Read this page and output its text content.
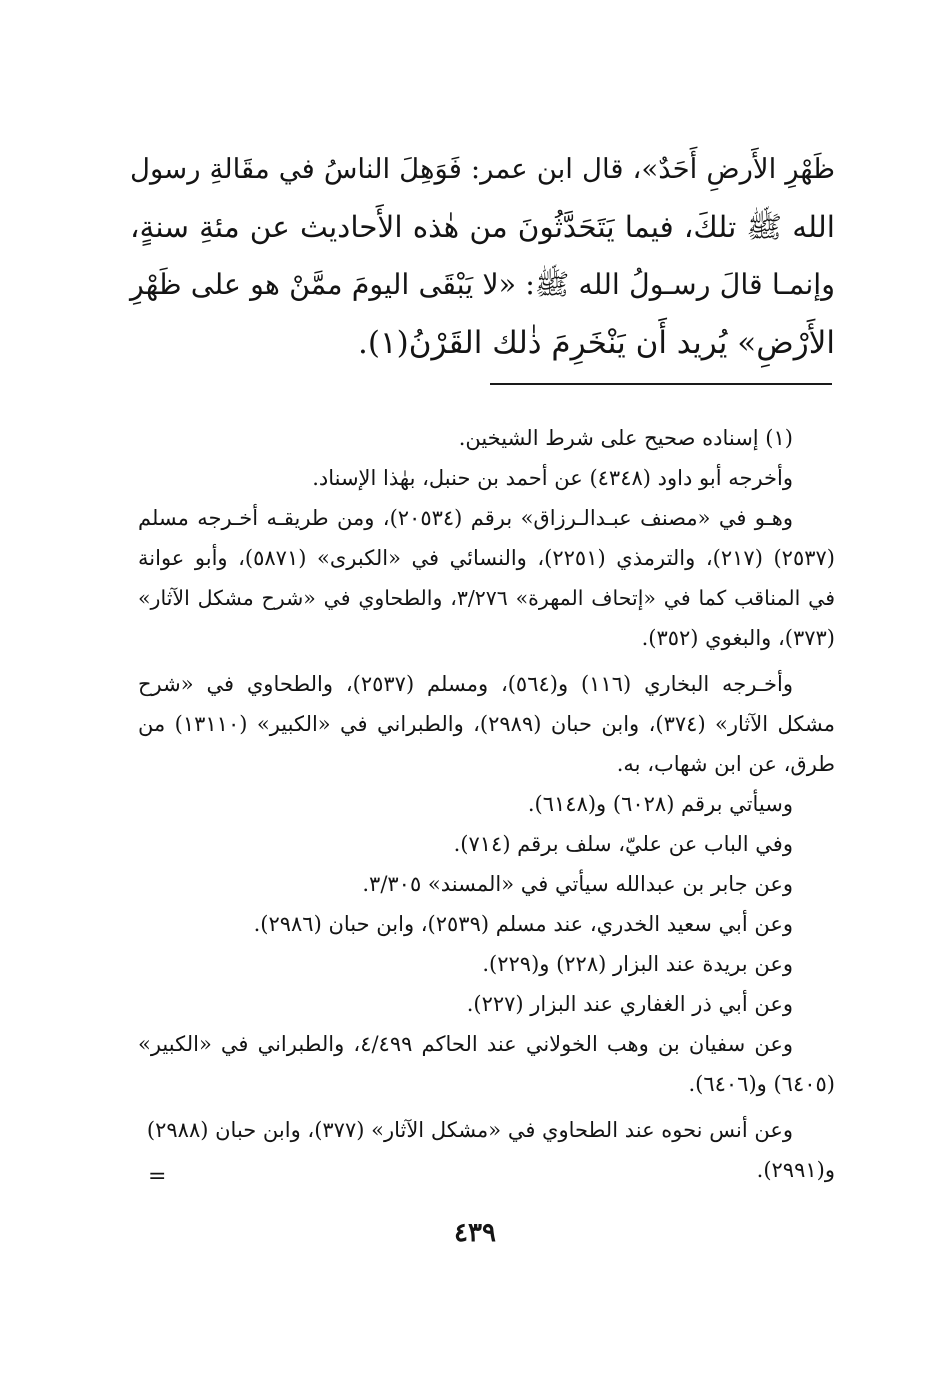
ظَهْرِ الأَرضِ أَحَدٌ»، قال ابن عمر: فَوَهِلَ الناسُ في مقَالةِ رسول
الله ﷺ تلكَ، فيما يَتَحَدَّثُونَ من هٰذه الأَحاديث عن مئةِ سنةٍ،
وإنمـا قالَ رسـولُ الله ﷺ: «لا يَبْقَى اليومَ ممَّنْ هو على ظَهْرِ
الأَرْضِ» يُريد أَن يَنْخَرِمَ ذٰلك القَرْنُ(١).

(١) إسناده صحيح على شرط الشيخين.
وأخرجه أبو داود (٤٣٤٨) عن أحمد بن حنبل، بهٰذا الإسناد.
وهـو في «مصنف عبـدالـرزاق» برقم (٢٠٥٣٤)، ومن طريقـه أخـرجه مسلم
(٢٥٣٧) (٢١٧)، والترمذي (٢٢٥١)، والنسائي في «الكبرى» (٥٨٧١)، وأبو عوانة
في المناقب كما في «إتحاف المهرة» ٣/٢٧٦، والطحاوي في «شرح مشكل الآثار»
(٣٧٣)، والبغوي (٣٥٢).
وأخـرجه البخاري (١١٦) و(٥٦٤)، ومسلم (٢٥٣٧)، والطحاوي في «شرح
مشكل الآثار» (٣٧٤)، وابن حبان (٢٩٨٩)، والطبراني في «الكبير» (١٣١١٠) من
طرق، عن ابن شهاب، به.
وسيأتي برقم (٦٠٢٨) و(٦١٤٨).
وفي الباب عن عليّ، سلف برقم (٧١٤).
وعن جابر بن عبدالله سيأتي في «المسند» ٣/٣٠٥.
وعن أبي سعيد الخدري، عند مسلم (٢٥٣٩)، وابن حبان (٢٩٨٦).
وعن بريدة عند البزار (٢٢٨) و(٢٢٩).
وعن أبي ذر الغفاري عند البزار (٢٢٧).
وعن سفيان بن وهب الخولاني عند الحاكم ٤/٤٩٩، والطبراني في «الكبير»
(٦٤٠٥) و(٦٤٠٦).
وعن أنس نحوه عند الطحاوي في «مشكل الآثار» (٣٧٧)، وابن حبان (٢٩٨٨)
و(٢٩٩١).
=
٤٣٩
